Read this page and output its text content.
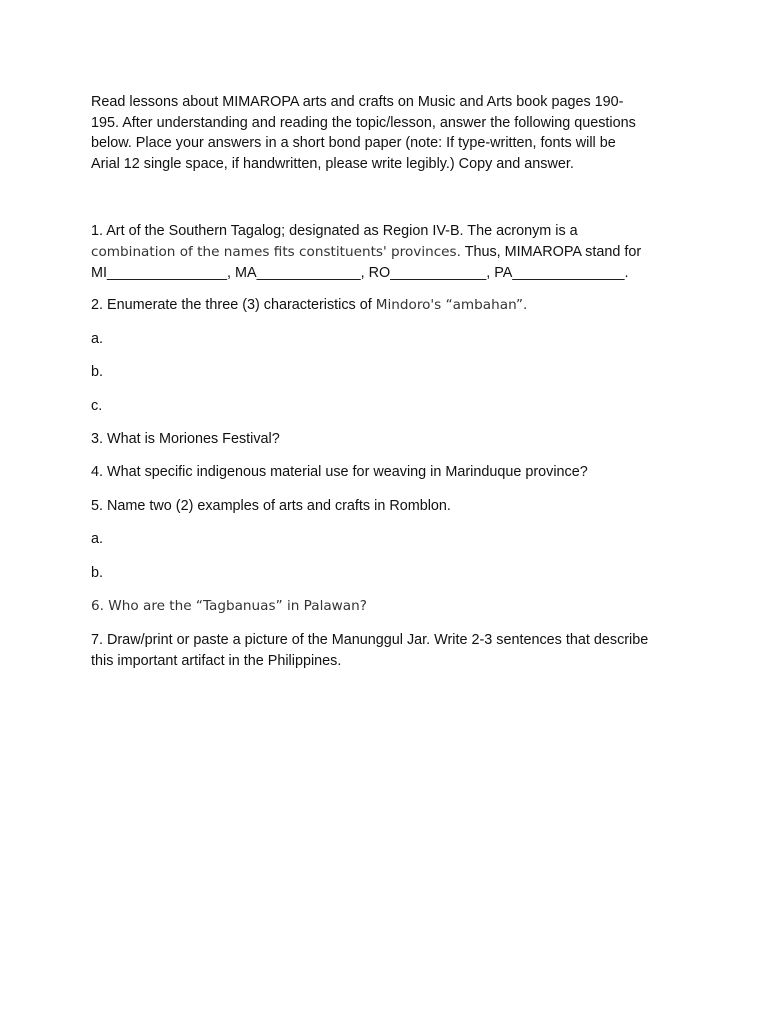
Read lessons about MIMAROPA arts and crafts on Music and Arts book pages 190-
195. After understanding and reading the topic/lesson, answer the following questions
below. Place your answers in a short bond paper (note: If type-written, fonts will be
Arial 12 single space, if handwritten, please write legibly.) Copy and answer.

1. Art of the Southern Tagalog; designated as Region IV-B. The acronym is a
combination of the names fits constituents' provinces. Thus, MIMAROPA stand for
MI_______________, MA_____________, RO____________, PA______________.

2. Enumerate the three (3) characteristics of Mindoro's “ambahan”.

a.

b.

c.

3. What is Moriones Festival?

4. What specific indigenous material use for weaving in Marinduque province?

5. Name two (2) examples of arts and crafts in Romblon.

a.

b.

6. Who are the “Tagbanuas” in Palawan?

7. Draw/print or paste a picture of the Manunggul Jar. Write 2-3 sentences that describe
this important artifact in the Philippines.
